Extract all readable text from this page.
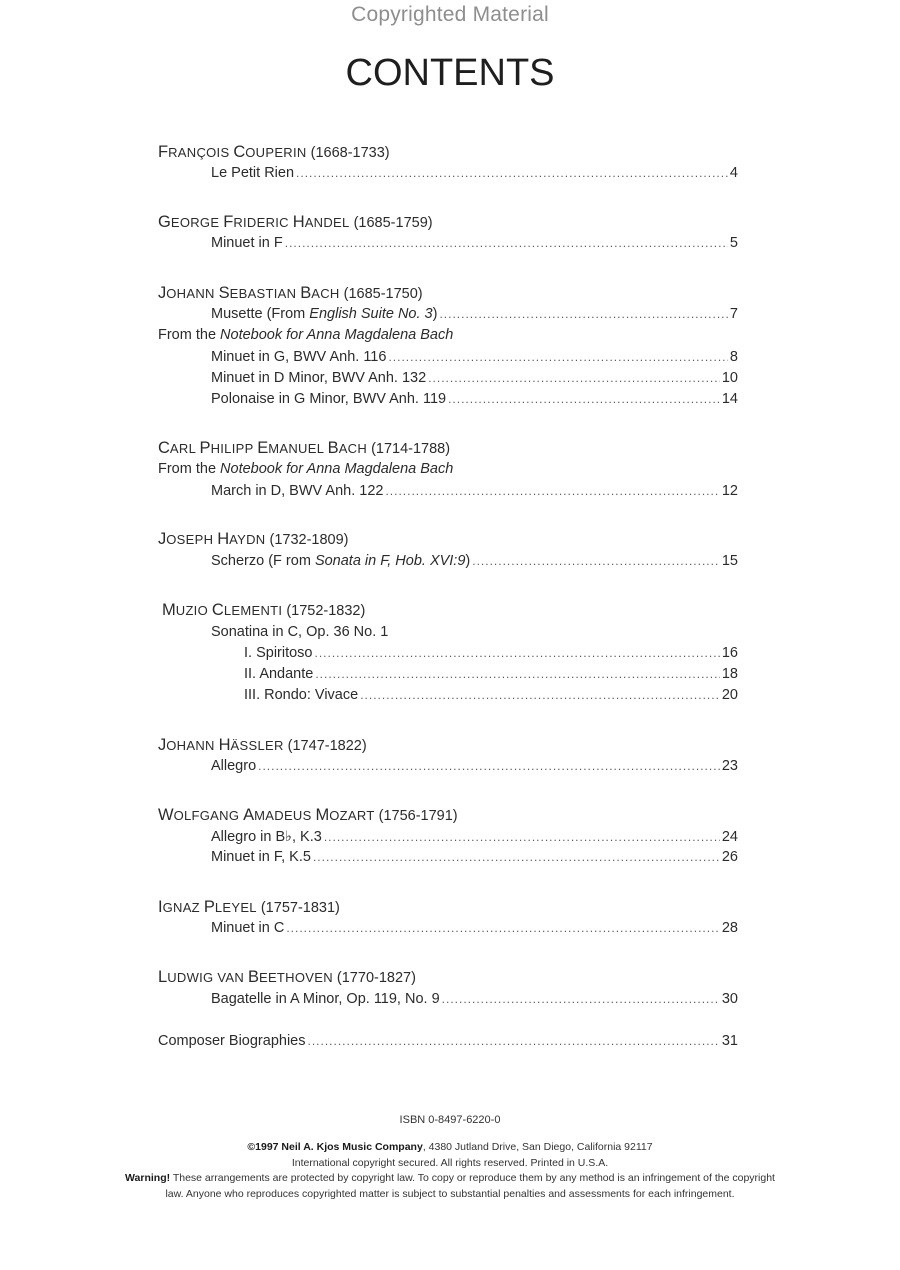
Copyrighted Material
CONTENTS
FRANÇOIS COUPERIN (1668-1733)
Le Petit Rien .....	4
GEORGE FRIDERIC HANDEL (1685-1759)
Minuet in F .....	5
JOHANN SEBASTIAN BACH (1685-1750)
Musette (From English Suite No. 3) .....	7
From the Notebook for Anna Magdalena Bach
Minuet in G, BWV Anh. 116 .....	8
Minuet in D Minor, BWV Anh. 132 .....	10
Polonaise in G Minor, BWV Anh. 119 .....	14
CARL PHILIPP EMANUEL BACH (1714-1788)
From the Notebook for Anna Magdalena Bach
March in D, BWV Anh. 122 .....	12
JOSEPH HAYDN (1732-1809)
Scherzo (F rom Sonata in F, Hob. XVI:9) .....	15
MUZIO CLEMENTI (1752-1832)
Sonatina in C, Op. 36 No. 1
I. Spiritoso .....	16
II. Andante .....	18
III. Rondo: Vivace .....	20
JOHANN HÄSSLER (1747-1822)
Allegro .....	23
WOLFGANG AMADEUS MOZART (1756-1791)
Allegro in B♭, K.3 .....	24
Minuet in F, K.5 .....	26
IGNAZ PLEYEL (1757-1831)
Minuet in C .....	28
LUDWIG VAN BEETHOVEN (1770-1827)
Bagatelle in A Minor, Op. 119, No. 9 .....	30
Composer Biographies .....	31
ISBN 0-8497-6220-0
©1997 Neil A. Kjos Music Company, 4380 Jutland Drive, San Diego, California 92117
International copyright secured. All rights reserved. Printed in U.S.A.
Warning! These arrangements are protected by copyright law. To copy or reproduce them by any method is an infringement of the copyright
law. Anyone who reproduces copyrighted matter is subject to substantial penalties and assessments for each infringement.
